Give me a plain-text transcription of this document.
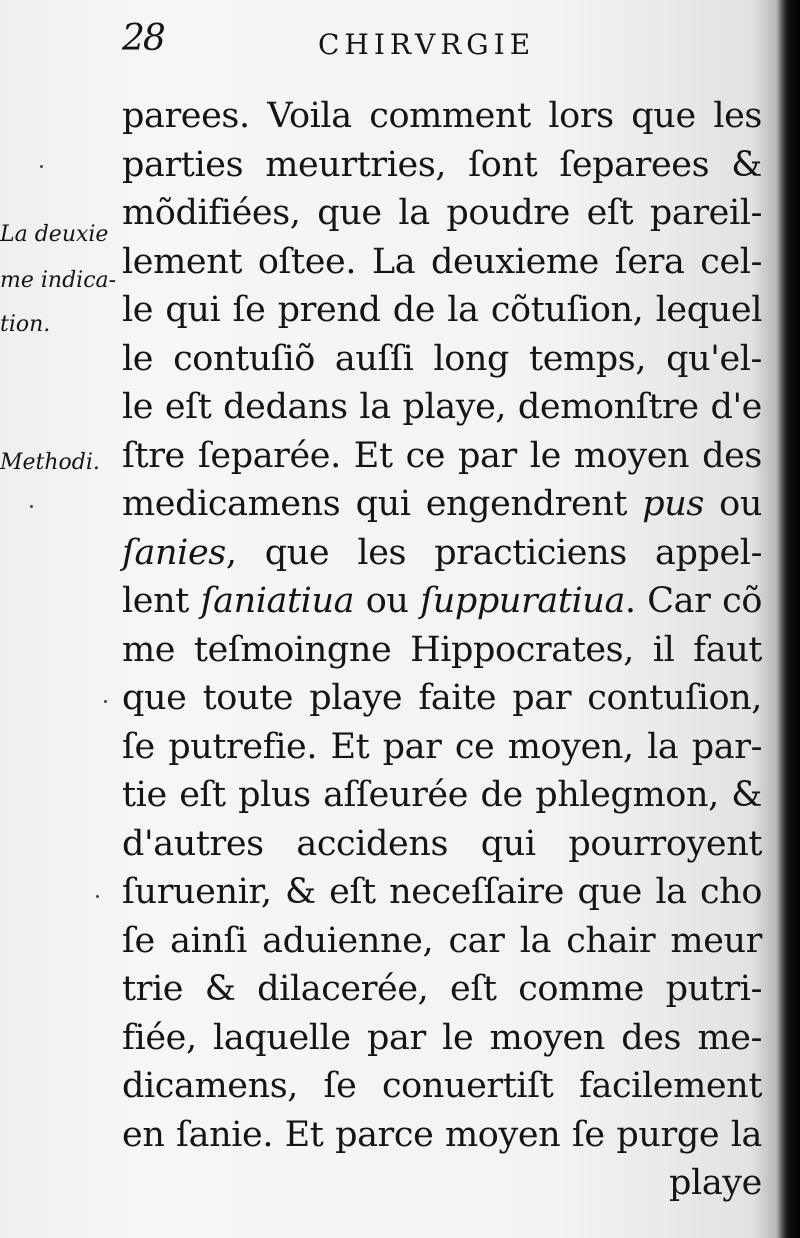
28	CHIRVRGIE
La deuxie
me indica-
tion.
Methodi.
parees. Voila comment lors que les
parties meurtries, ſont ſeparees &
mõdifiées, que la poudre eſt pareil-
lement oſtee. La deuxieme ſera cel-
le qui ſe prend de la cõtuſion, lequel
le contuſiõ auſſi long temps, qu'el-
le eſt dedans la playe, demonſtre d'e
ſtre ſeparée. Et ce par le moyen des
medicamens qui engendrent pus ou
ſanies, que les practiciens appel-
lent ſaniatiua ou ſuppuratiua. Car cõ
me teſmoingne Hippocrates, il faut
que toute playe faite par contuſion,
ſe putrefie. Et par ce moyen, la par-
tie eſt plus aſſeurée de phlegmon, &
d'autres accidens qui pourroyent
ſuruenir, & eſt neceſſaire que la cho
ſe ainſi aduienne, car la chair meur
trie & dilacerée, eſt comme putri-
fiée, laquelle par le moyen des me-
dicamens, ſe conuertiſt facilement
en ſanie. Et parce moyen ſe purge la
playe
